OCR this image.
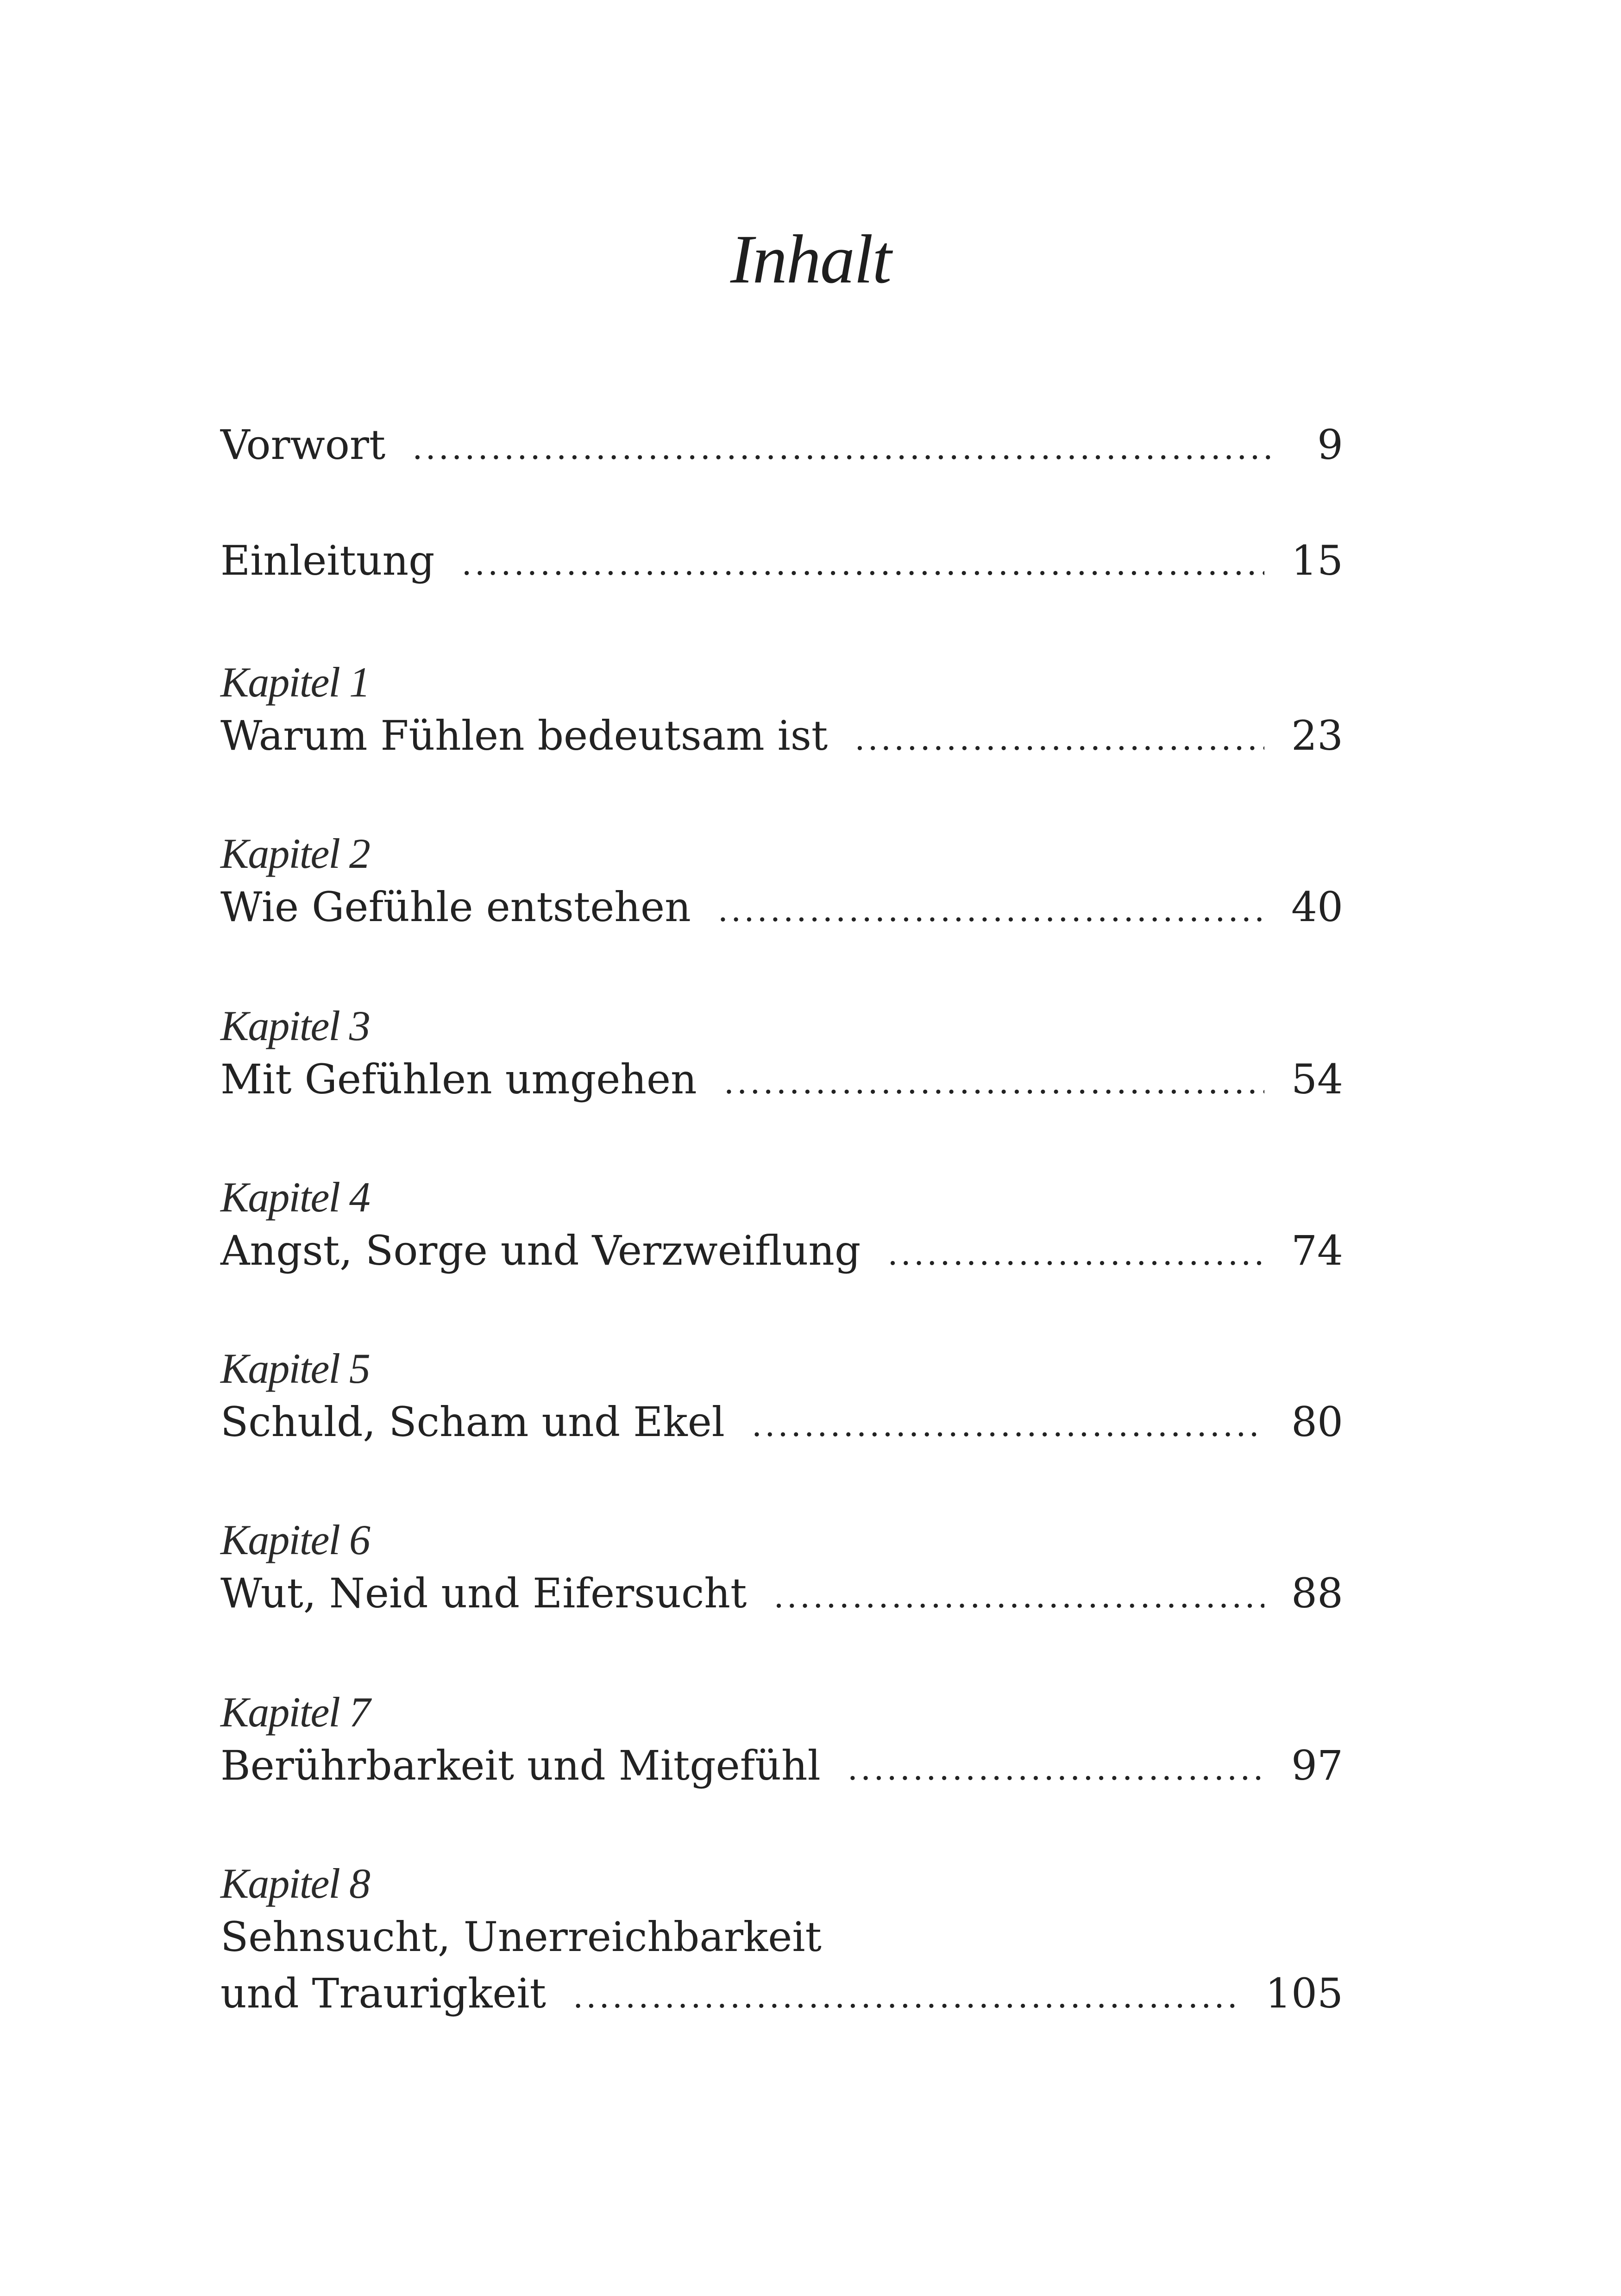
Inhalt
Vorwort .....	9
Einleitung .....	15
Kapitel 1
Warum Fühlen bedeutsam ist .....	23
Kapitel 2
Wie Gefühle entstehen .....	40
Kapitel 3
Mit Gefühlen umgehen .....	54
Kapitel 4
Angst, Sorge und Verzweiflung .....	74
Kapitel 5
Schuld, Scham und Ekel .....	80
Kapitel 6
Wut, Neid und Eifersucht .....	88
Kapitel 7
Berührbarkeit und Mitgefühl .....	97
Kapitel 8
Sehnsucht, Unerreichbarkeit
und Traurigkeit .....	105
